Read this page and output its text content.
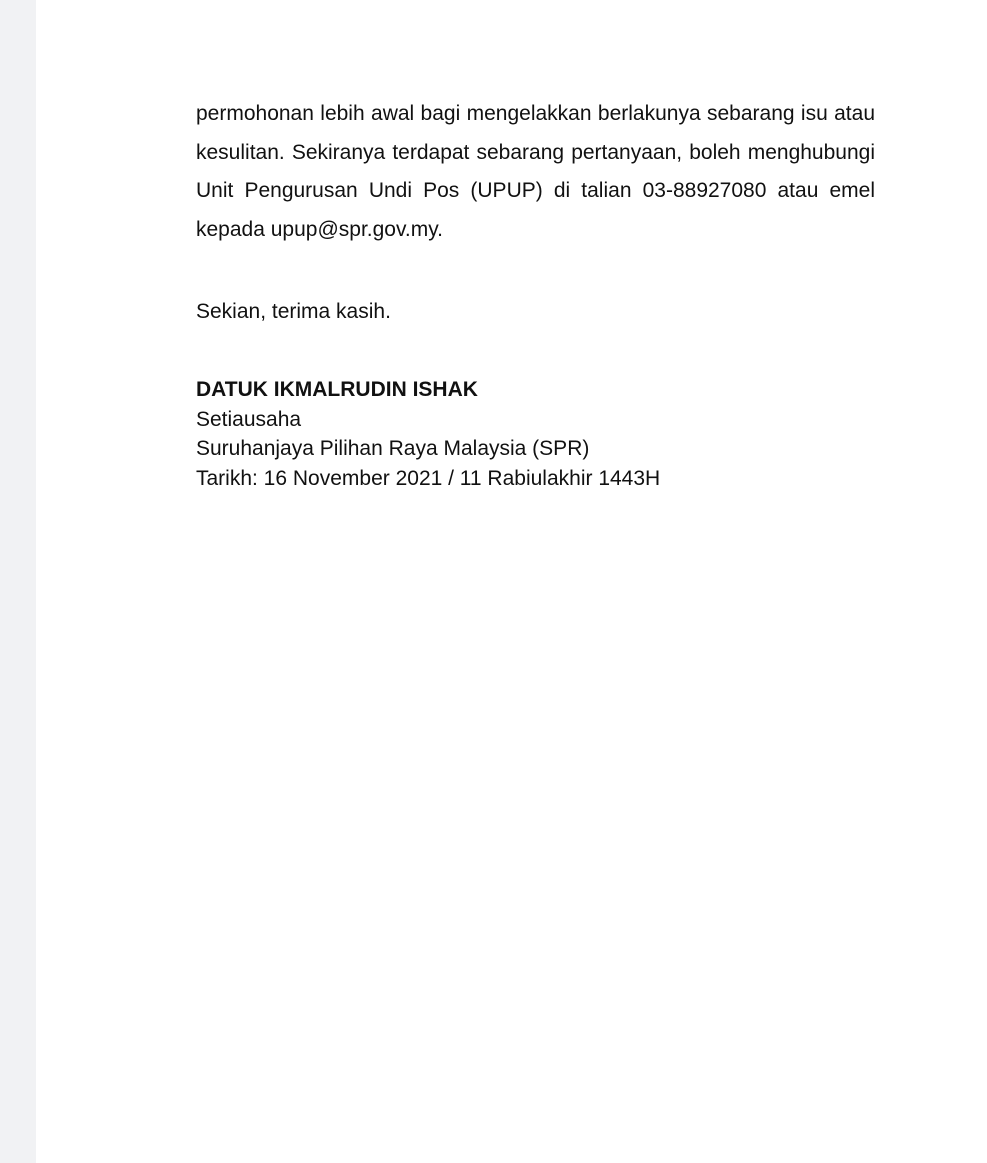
permohonan lebih awal bagi mengelakkan berlakunya sebarang isu atau kesulitan. Sekiranya terdapat sebarang pertanyaan, boleh menghubungi Unit Pengurusan Undi Pos (UPUP) di talian 03-88927080 atau emel kepada upup@spr.gov.my.

Sekian, terima kasih.

DATUK IKMALRUDIN ISHAK
Setiausaha
Suruhanjaya Pilihan Raya Malaysia (SPR)
Tarikh: 16 November 2021 / 11 Rabiulakhir 1443H
